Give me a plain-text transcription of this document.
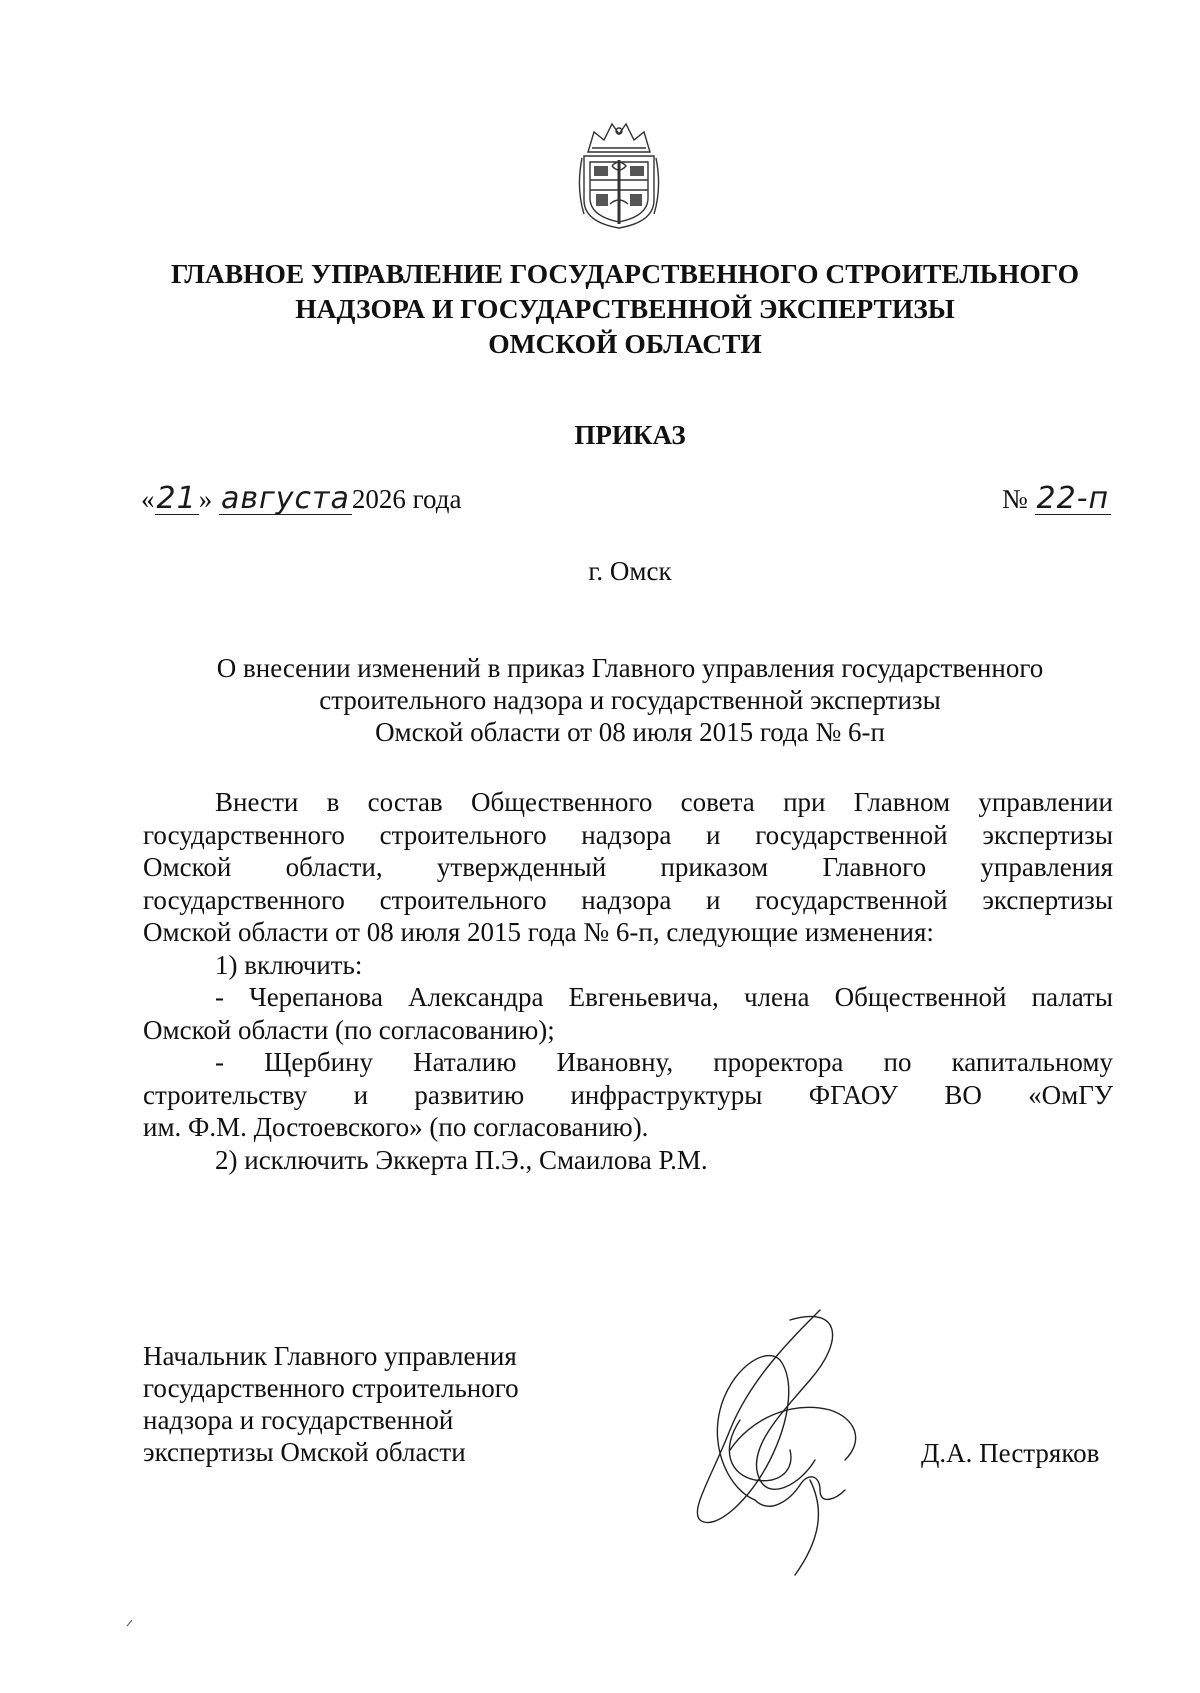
ГЛАВНОЕ УПРАВЛЕНИЕ ГОСУДАРСТВЕННОГО СТРОИТЕЛЬНОГО
НАДЗОРА И ГОСУДАРСТВЕННОЙ ЭКСПЕРТИЗЫ
ОМСКОЙ ОБЛАСТИ
ПРИКАЗ
«21» августа2026 года	№ 22-п
г. Омск
О внесении изменений в приказ Главного управления государственного
строительного надзора и государственной экспертизы
Омской области от 08 июля 2015 года № 6-п
Внести в состав Общественного совета при Главном управлении
государственного строительного надзора и государственной экспертизы
Омской области, утвержденный приказом Главного управления
государственного строительного надзора и государственной экспертизы
Омской области от 08 июля 2015 года № 6-п, следующие изменения:
1) включить:
- Черепанова Александра Евгеньевича, члена Общественной палаты
Омской области (по согласованию);
- Щербину Наталию Ивановну, проректора по капитальному
строительству и развитию инфраструктуры ФГАОУ ВО «ОмГУ
им. Ф.М. Достоевского» (по согласованию).
2) исключить Эккерта П.Э., Смаилова Р.М.
Начальник Главного управления
государственного строительного
надзора и государственной
экспертизы Омской области	Д.А. Пестряков
